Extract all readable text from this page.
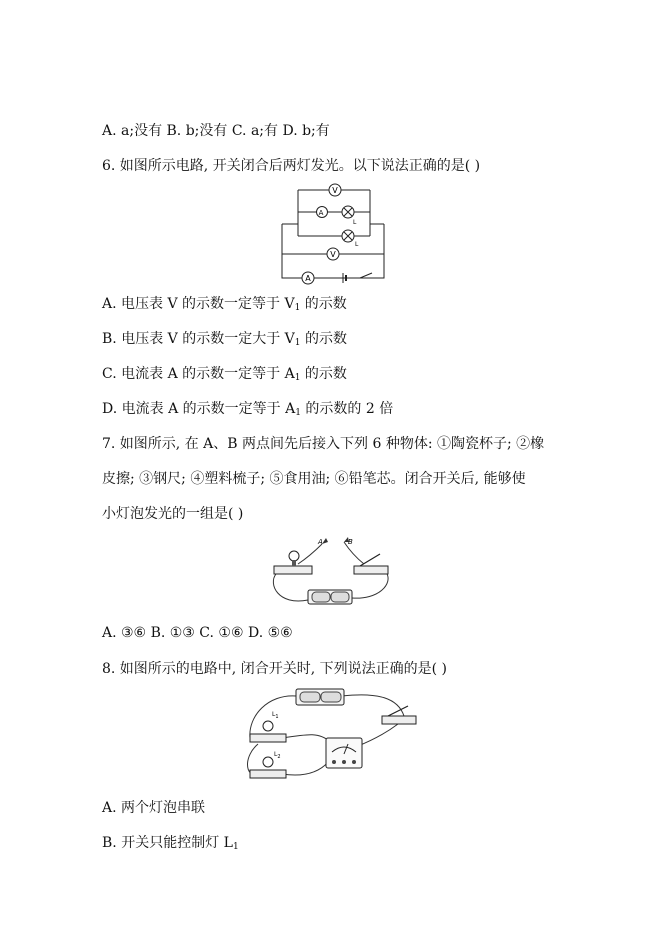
A. a;没有 B. b;没有 C. a;有 D. b;有
6. 如图所示电路, 开关闭合后两灯发光。以下说法正确的是( )
V
A
L
L
V
A
A. 电压表 V 的示数一定等于 $V_1$ 的示数
B. 电压表 V 的示数一定大于 $V_1$ 的示数
C. 电流表 A 的示数一定等于 $A_1$ 的示数
D. 电流表 A 的示数一定等于 $A_1$ 的示数的 2 倍
7. 如图所示, 在 A、B 两点间先后接入下列 6 种物体: ①陶瓷杯子; ②橡
皮擦; ③钢尺; ④塑料梳子; ⑤食用油; ⑥铅笔芯。闭合开关后, 能够使
小灯泡发光的一组是( )
A	B
A. ③⑥ B. ①③ C. ①⑥ D. ⑤⑥
8. 如图所示的电路中, 闭合开关时, 下列说法正确的是( )
$L_1$
$L_2$
A. 两个灯泡串联
B. 开关只能控制灯 $L_1$
